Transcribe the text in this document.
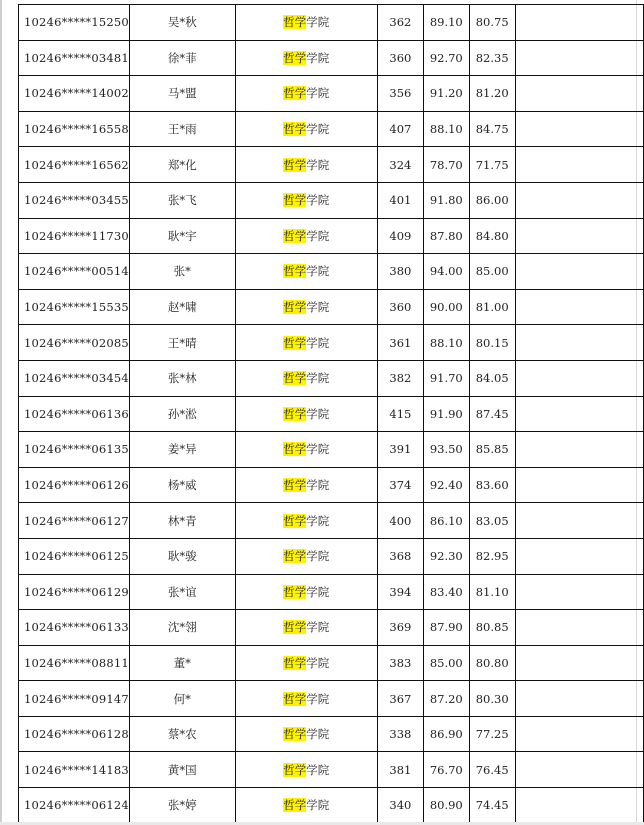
10246*****15250	吴*秋	哲学学院	362	89.10	80.75	
10246*****03481	徐*菲	哲学学院	360	92.70	82.35	
10246*****14002	马*盟	哲学学院	356	91.20	81.20	
10246*****16558	王*雨	哲学学院	407	88.10	84.75	
10246*****16562	郑*化	哲学学院	324	78.70	71.75	
10246*****03455	张*飞	哲学学院	401	91.80	86.00	
10246*****11730	耿*宇	哲学学院	409	87.80	84.80	
10246*****00514	张*	哲学学院	380	94.00	85.00	
10246*****15535	赵*啸	哲学学院	360	90.00	81.00	
10246*****02085	王*晴	哲学学院	361	88.10	80.15	
10246*****03454	张*林	哲学学院	382	91.70	84.05	
10246*****06136	孙*淞	哲学学院	415	91.90	87.45	
10246*****06135	姜*异	哲学学院	391	93.50	85.85	
10246*****06126	杨*威	哲学学院	374	92.40	83.60	
10246*****06127	林*青	哲学学院	400	86.10	83.05	
10246*****06125	耿*骏	哲学学院	368	92.30	82.95	
10246*****06129	张*谊	哲学学院	394	83.40	81.10	
10246*****06133	沈*翎	哲学学院	369	87.90	80.85	
10246*****08811	董*	哲学学院	383	85.00	80.80	
10246*****09147	何*	哲学学院	367	87.20	80.30	
10246*****06128	蔡*农	哲学学院	338	86.90	77.25	
10246*****14183	黄*国	哲学学院	381	76.70	76.45	
10246*****06124	张*婷	哲学学院	340	80.90	74.45	
